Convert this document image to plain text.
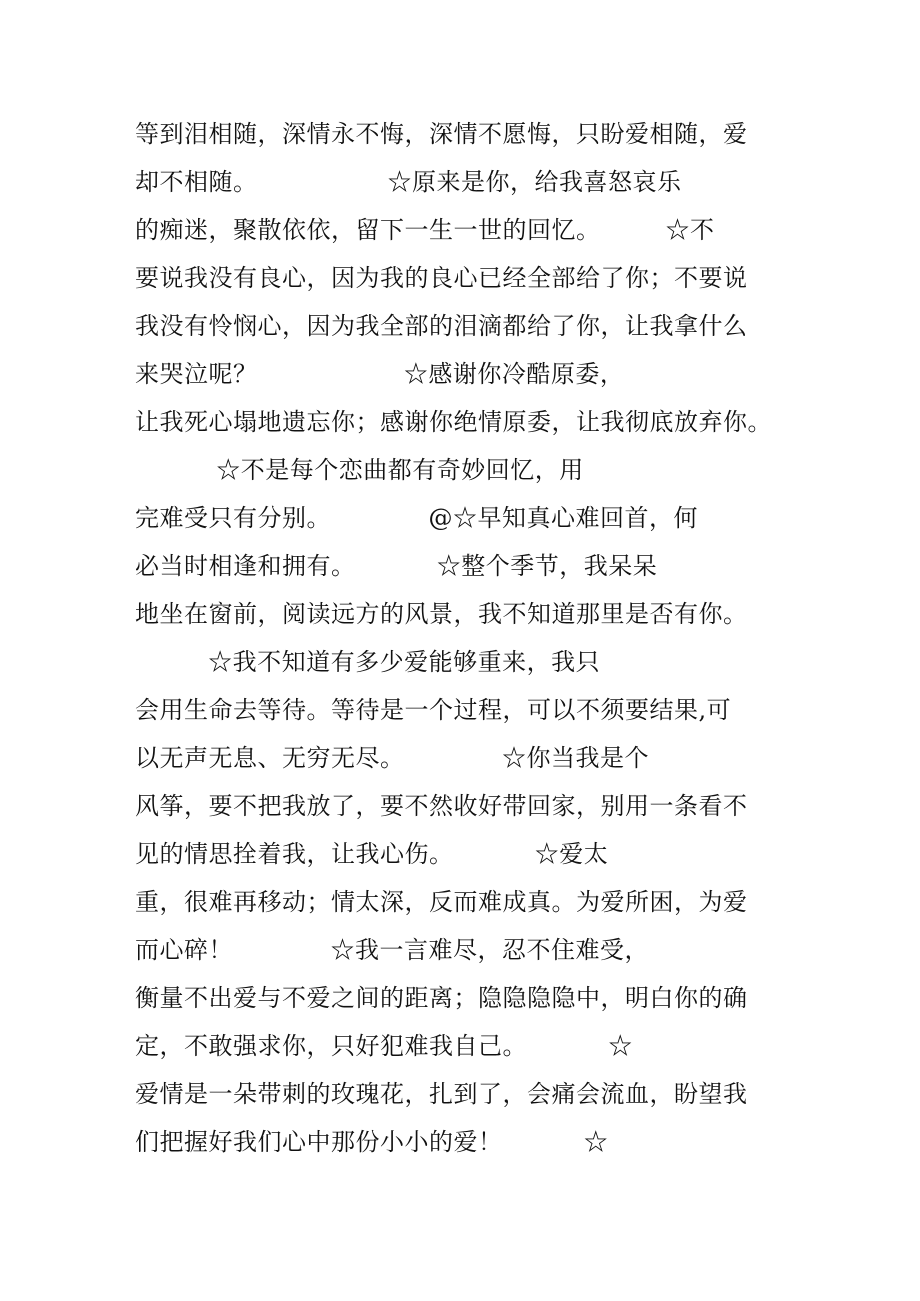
等到泪相随，深情永不悔，深情不愿悔，只盼爱相随，爱
却不相随。                ☆原来是你，给我喜怒哀乐
的痴迷，聚散依依，留下一生一世的回忆。        ☆不
要说我没有良心，因为我的良心已经全部给了你；不要说
我没有怜悯心，因为我全部的泪滴都给了你，让我拿什么
来哭泣呢？                  ☆感谢你冷酷原委，
让我死心塌地遗忘你；感谢你绝情原委，让我彻底放弃你。
☆不是每个恋曲都有奇妙回忆，用
完难受只有分别。            @☆早知真心难回首，何
必当时相逢和拥有。          ☆整个季节，我呆呆
地坐在窗前，阅读远方的风景，我不知道那里是否有你。
☆我不知道有多少爱能够重来，我只
会用生命去等待。等待是一个过程，可以不须要结果,可
以无声无息、无穷无尽。            ☆你当我是个
风筝，要不把我放了，要不然收好带回家，别用一条看不
见的情思拴着我，让我心伤。          ☆爱太
重，很难再移动；情太深，反而难成真。为爱所困，为爱
而心碎！            ☆我一言难尽，忍不住难受，
衡量不出爱与不爱之间的距离；隐隐隐隐中，明白你的确
定，不敢强求你，只好犯难我自己。          ☆
爱情是一朵带刺的玫瑰花，扎到了，会痛会流血，盼望我
们把握好我们心中那份小小的爱！          ☆
